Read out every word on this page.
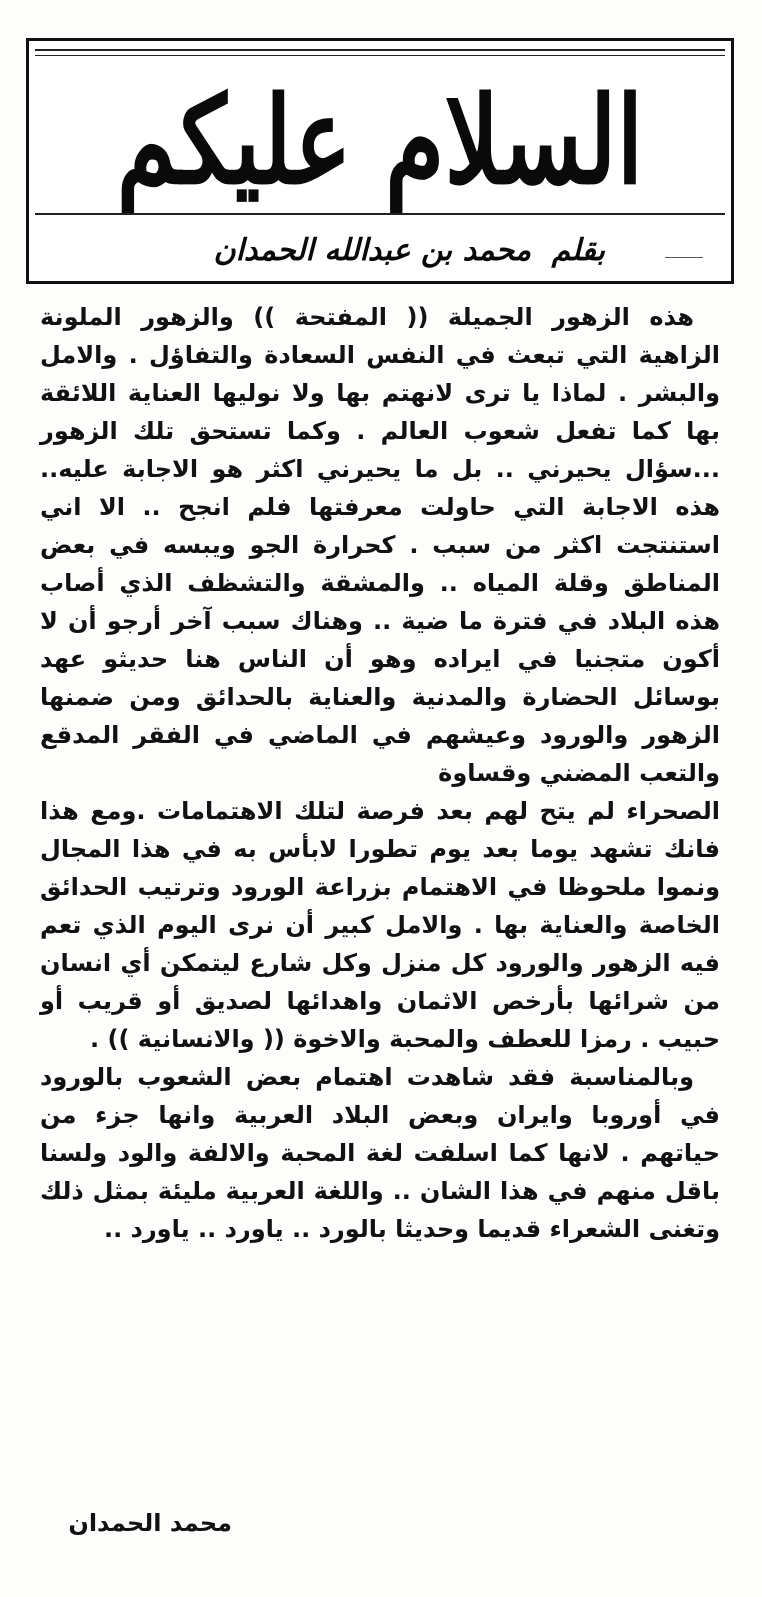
السلام عليكم
بقلم محمد بن عبدالله الحمدان

هذه الزهور الجميلة (( المفتحة )) والزهور الملونة الزاهية التي تبعث في النفس السعادة والتفاؤل . والامل والبشر . لماذا يا ترى لانهتم بها ولا نوليها العناية اللائقة بها كما تفعل شعوب العالم . وكما تستحق تلك الزهور ...سؤال يحيرني .. بل ما يحيرني اكثر هو الاجابة عليه.. هذه الاجابة التي حاولت معرفتها فلم انجح .. الا اني استنتجت اكثر من سبب . كحرارة الجو ويبسه في بعض المناطق وقلة المياه .. والمشقة والتشظف الذي أصاب هذه البلاد في فترة ما ضية .. وهناك سبب آخر أرجو أن لا أكون متجنيا في ايراده وهو أن الناس هنا حديثو عهد بوسائل الحضارة والمدنية والعناية بالحدائق ومن ضمنها الزهور والورود وعيشهم في الماضي في الفقر المدقع والتعب المضني وقساوة

الصحراء لم يتح لهم بعد فرصة لتلك الاهتمامات .ومع هذا فانك تشهد يوما بعد يوم تطورا لابأس به في هذا المجال ونموا ملحوظا في الاهتمام بزراعة الورود وترتيب الحدائق الخاصة والعناية بها . والامل كبير أن نرى اليوم الذي تعم فيه الزهور والورود كل منزل وكل شارع ليتمكن أي انسان من شرائها بأرخص الاثمان واهدائها لصديق أو قريب أو حبيب . رمزا للعطف والمحبة والاخوة (( والانسانية )) .

وبالمناسبة فقد شاهدت اهتمام بعض الشعوب بالورود في أوروبا وايران وبعض البلاد العربية وانها جزء من حياتهم . لانها كما اسلفت لغة المحبة والالفة والود ولسنا باقل منهم في هذا الشان .. واللغة العربية مليئة بمثل ذلك وتغنى الشعراء قديما وحديثا بالورد .. ياورد .. ياورد ..

محمد الحمدان
